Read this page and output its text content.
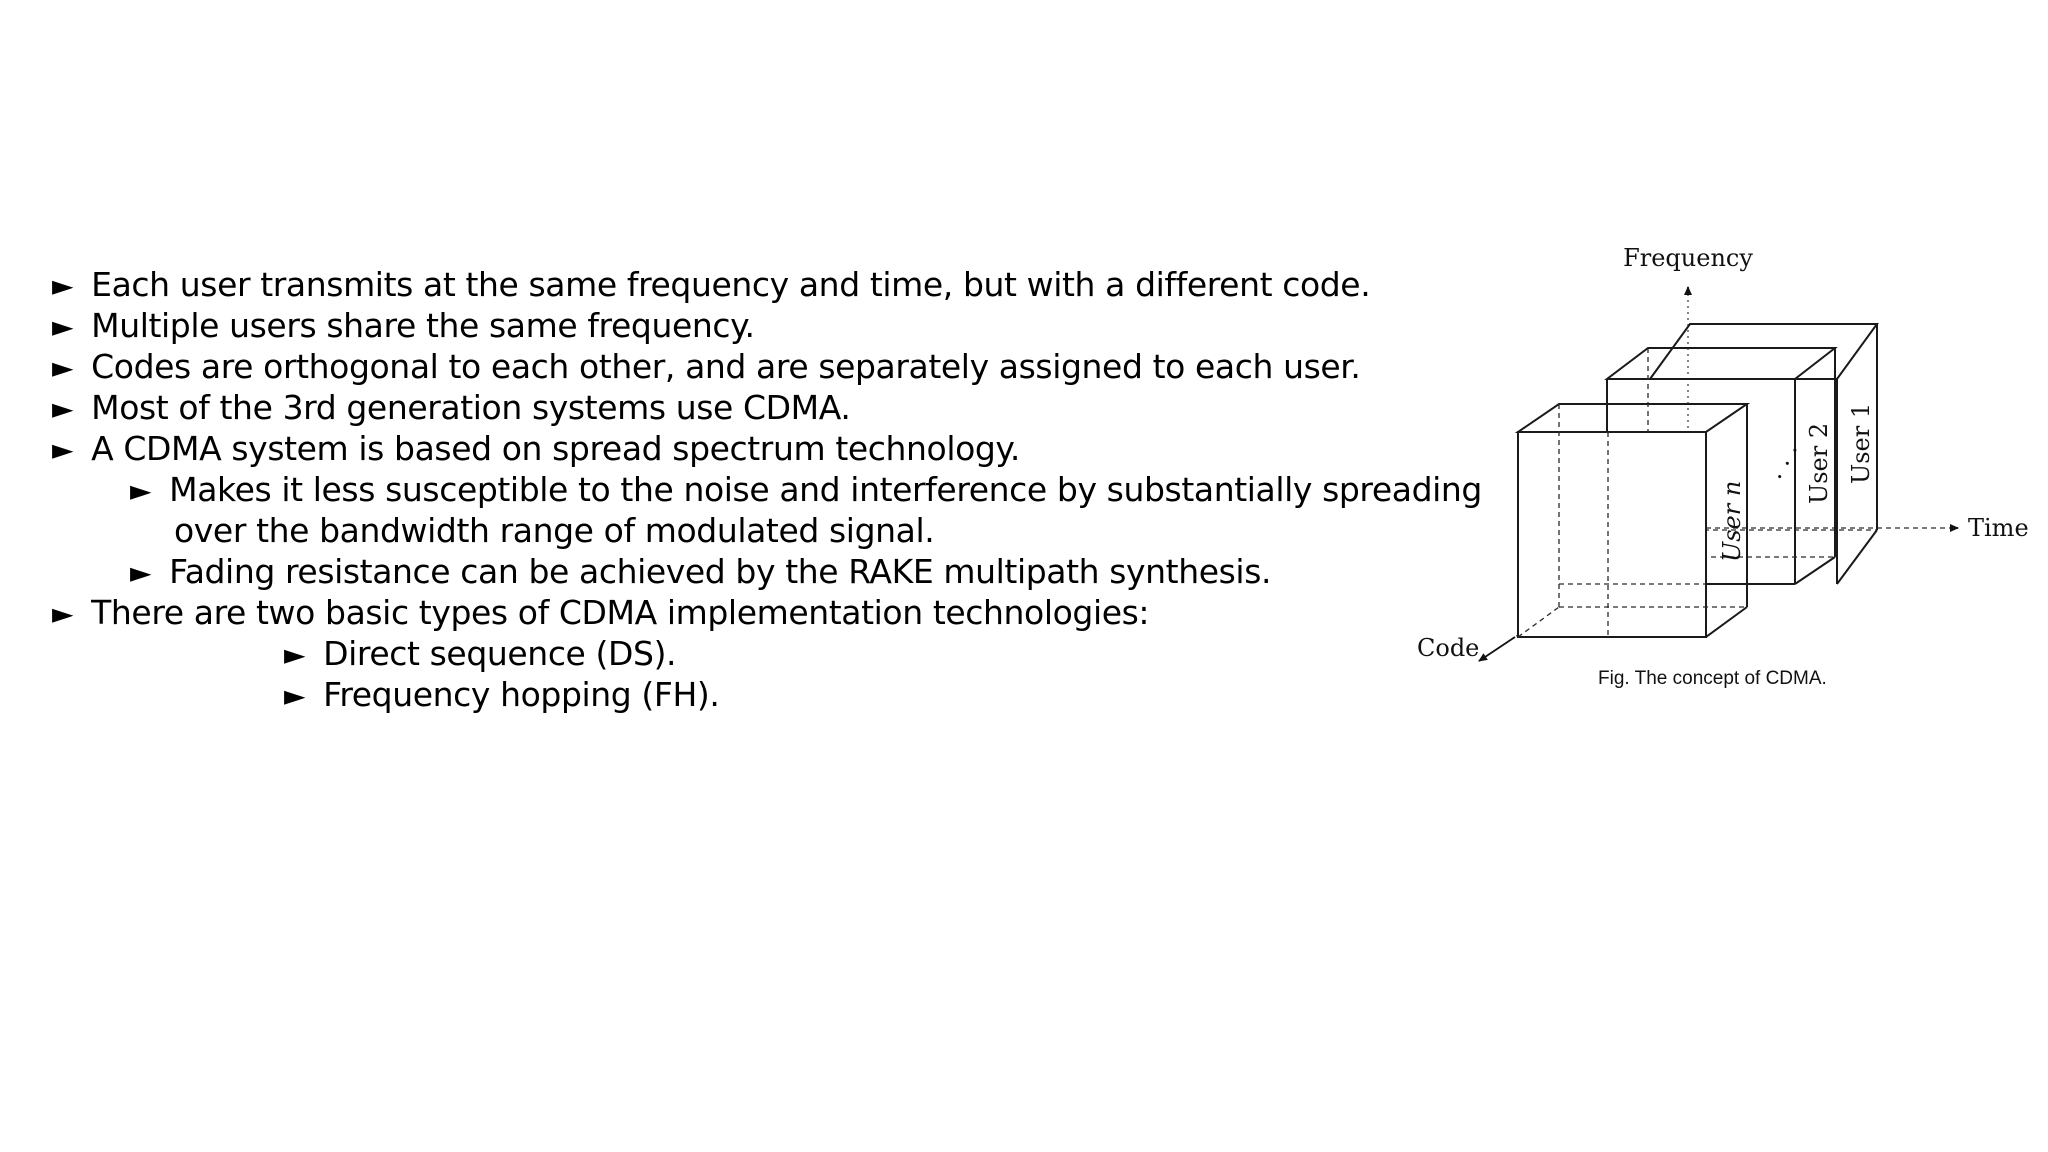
► Each user transmits at the same frequency and time, but with a different code.
► Multiple users share the same frequency.
► Codes are orthogonal to each other, and are separately assigned to each user.
► Most of the 3rd generation systems use CDMA.
► A CDMA system is based on spread spectrum technology.
► Makes it less susceptible to the noise and interference by substantially spreading
over the bandwidth range of modulated signal.
► Fading resistance can be achieved by the RAKE multipath synthesis.
► There are two basic types of CDMA implementation technologies:
► Direct sequence (DS).
► Frequency hopping (FH).
Frequency
Time
Code
User 1
User 2
User n
· · ·
Fig. The concept of CDMA.
